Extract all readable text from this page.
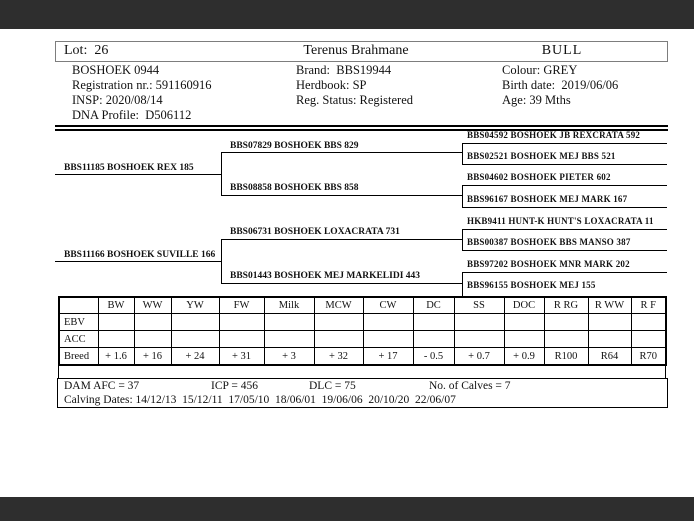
Lot:  26	Terenus Brahmane	BULL
BOSHOEK 0944
Registration nr.: 591160916
INSP: 2020/08/14
DNA Profile:  D506112
Brand:  BBS19944
Herdbook: SP
Reg. Status: Registered
Colour: GREY
Birth date:  2019/06/06
Age: 39 Mths
BBS11185 BOSHOEK REX 185
BBS11166 BOSHOEK SUVILLE 166
BBS07829 BOSHOEK BBS 829
BBS08858 BOSHOEK BBS 858
BBS06731 BOSHOEK LOXACRATA 731
BBS01443 BOSHOEK MEJ MARKELIDI 443
BBS04592 BOSHOEK JB REXCRATA 592
BBS02521 BOSHOEK MEJ BBS 521
BBS04602 BOSHOEK PIETER 602
BBS96167 BOSHOEK MEJ MARK 167
HKB9411 HUNT-K HUNT'S LOXACRATA 11
BBS00387 BOSHOEK BBS MANSO 387
BBS97202 BOSHOEK MNR MARK 202
BBS96155 BOSHOEK MEJ 155
	BW	WW	YW	FW	Milk	MCW	CW	DC	SS	DOC	R RG	R WW	R F
EBV													
ACC													
Breed	+ 1.6	+ 16	+ 24	+ 31	+ 3	+ 32	+ 17	- 0.5	+ 0.7	+ 0.9	R100	R64	R70
DAM AFC = 37	ICP = 456	DLC = 75	No. of Calves = 7
Calving Dates: 14/12/13  15/12/11  17/05/10  18/06/01  19/06/06  20/10/20  22/06/07
